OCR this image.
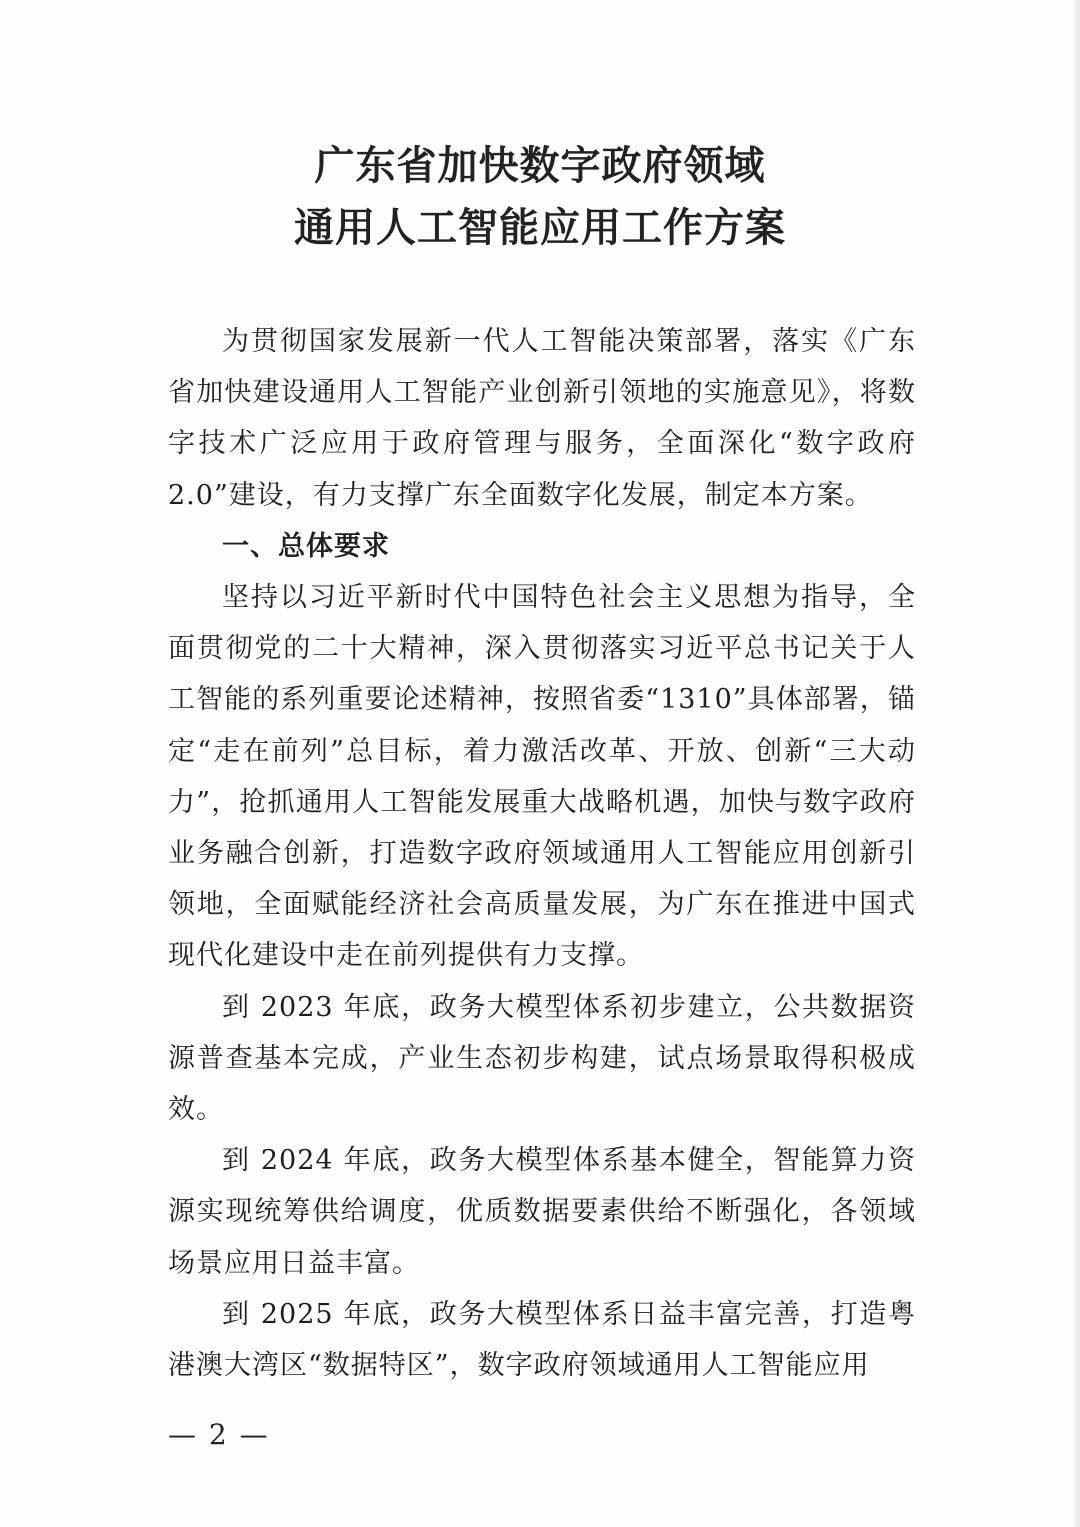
广东省加快数字政府领域
通用人工智能应用工作方案

为贯彻国家发展新一代人工智能决策部署，落实《广东省加快建设通用人工智能产业创新引领地的实施意见》，将数字技术广泛应用于政府管理与服务，全面深化“数字政府2.0”建设，有力支撑广东全面数字化发展，制定本方案。

一、总体要求

坚持以习近平新时代中国特色社会主义思想为指导，全面贯彻党的二十大精神，深入贯彻落实习近平总书记关于人工智能的系列重要论述精神，按照省委“1310”具体部署，锚定“走在前列”总目标，着力激活改革、开放、创新“三大动力”，抢抓通用人工智能发展重大战略机遇，加快与数字政府业务融合创新，打造数字政府领域通用人工智能应用创新引领地，全面赋能经济社会高质量发展，为广东在推进中国式现代化建设中走在前列提供有力支撑。

到 2023 年底，政务大模型体系初步建立，公共数据资源普查基本完成，产业生态初步构建，试点场景取得积极成效。

到 2024 年底，政务大模型体系基本健全，智能算力资源实现统筹供给调度，优质数据要素供给不断强化，各领域场景应用日益丰富。

到 2025 年底，政务大模型体系日益丰富完善，打造粤港澳大湾区“数据特区”，数字政府领域通用人工智能应用

— 2 —
